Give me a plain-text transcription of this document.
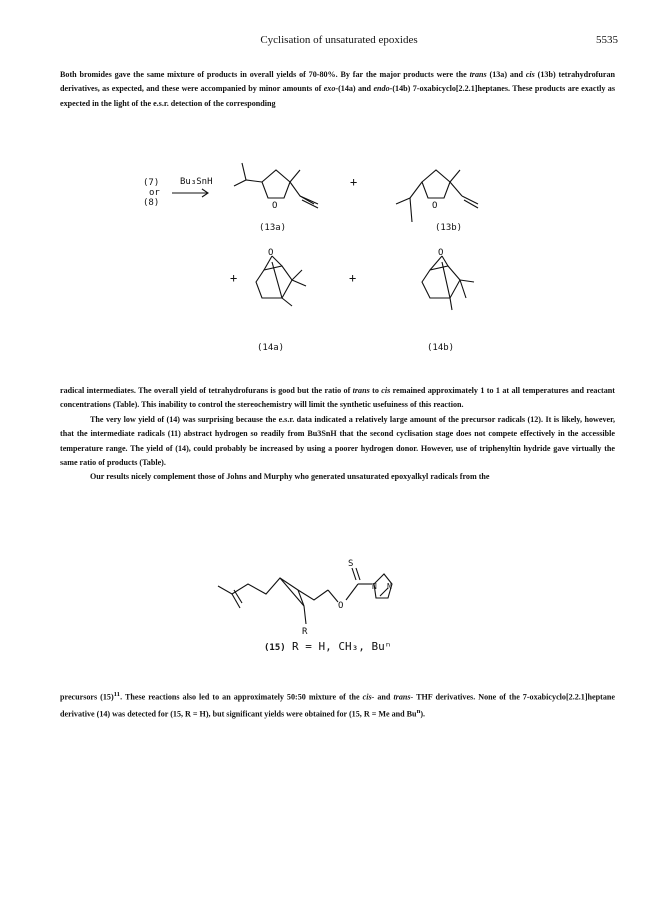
Cyclisation of unsaturated epoxides	5535

Both bromides gave the same mixture of products in overall yields of 70-80%. By far the major products were the trans (13a) and cis (13b) tetrahydrofuran derivatives, as expected, and these were accompanied by minor amounts of exo-(14a) and endo-(14b) 7-oxabicyclo[2.2.1]heptanes. These products are exactly as expected in the light of the e.s.r. detection of the corresponding

(7)
or
(8)
Bu₃SnH
O
(13a)
+
O
(13b)
+
O
(14a)
+
O
(14b)

radical intermediates. The overall yield of tetrahydrofurans is good but the ratio of trans to cis remained approximately 1 to 1 at all temperatures and reactant concentrations (Table). This inability to control the stereochemistry will limit the synthetic usefuiness of this reaction.

The very low yield of (14) was surprising because the e.s.r. data indicated a relatively large amount of the precursor radicals (12). It is likely, however, that the intermediate radicals (11) abstract hydrogen so readily from Bu3SnH that the second cyclisation stage does not compete effectively in the accessible temperature range. The yield of (14), could probably be increased by using a poorer hydrogen donor. However, use of triphenyltin hydride gave virtually the same ratio of products (Table).

Our results nicely complement those of Johns and Murphy who generated unsaturated epoxyalkyl radicals from the

S
O
N N
R
(15) R = H, CH₃, Buⁿ

precursors $(15)^{11}$. These reactions also led to an approximately 50:50 mixture of the cis- and trans- THF derivatives. None of the 7-oxabicyclo[2.2.1]heptane derivative (14) was detected for (15, R = H), but significant yields were obtained for (15, R = Me and Bu$^n$).
